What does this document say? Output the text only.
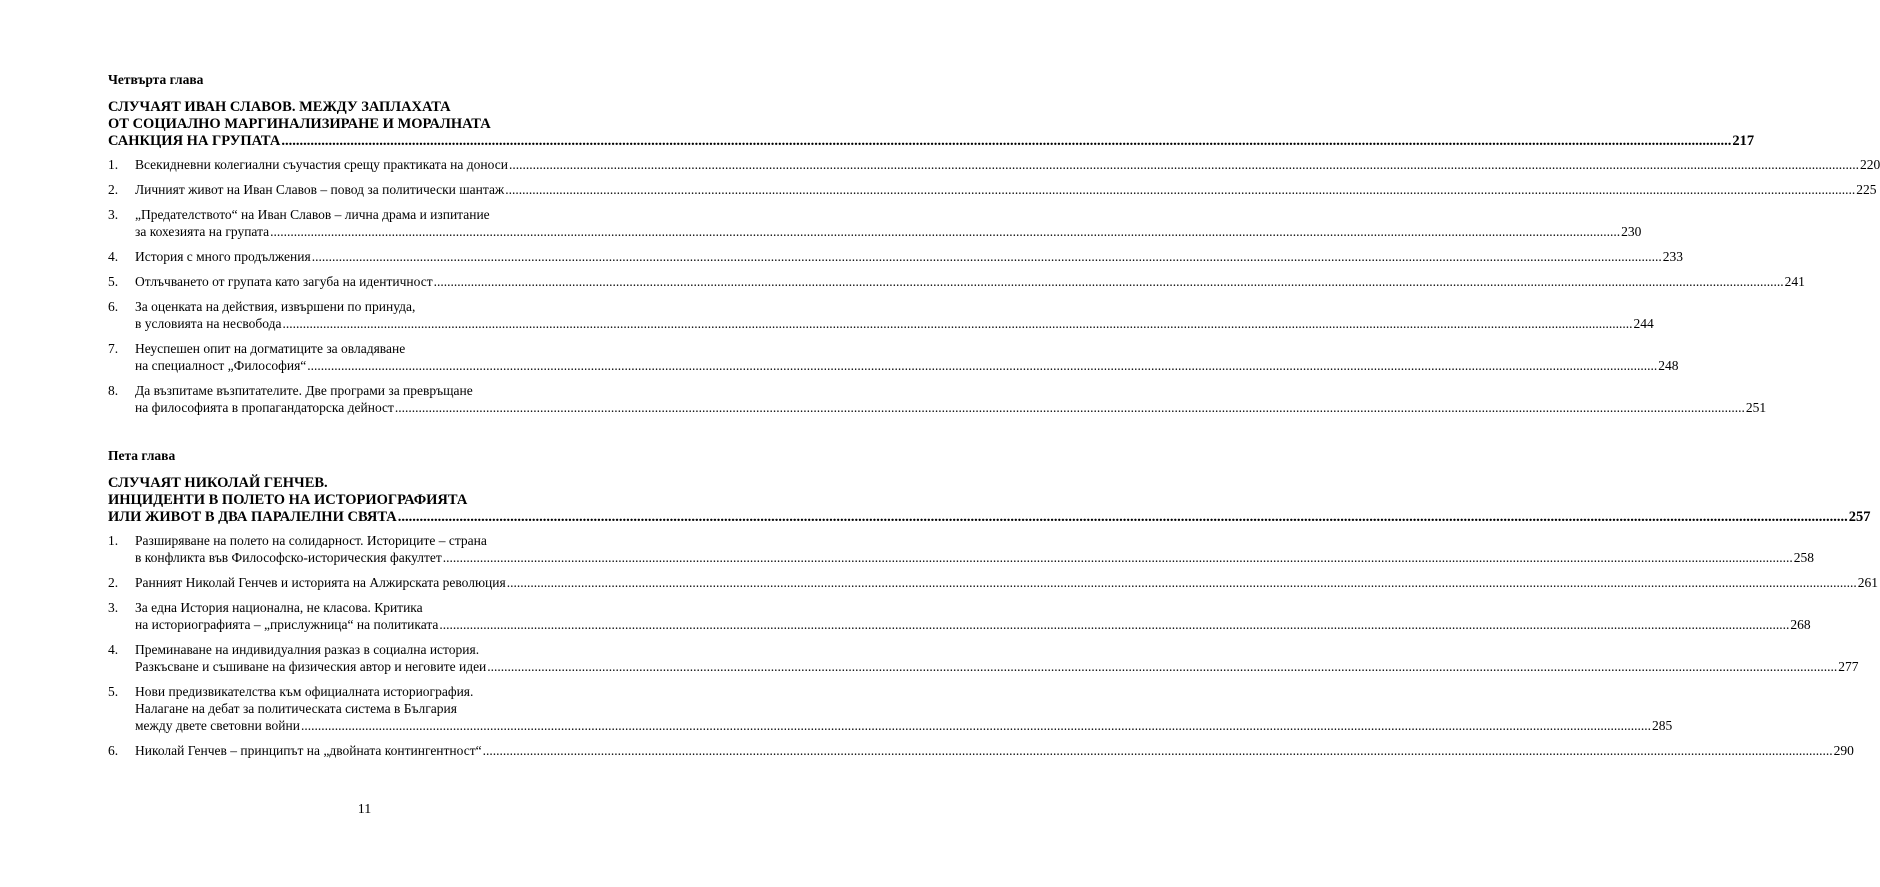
Четвърта глава
СЛУЧАЯТ ИВАН СЛАВОВ. МЕЖДУ ЗАПЛАХАТА
ОТ СОЦИАЛНО МАРГИНАЛИЗИРАНЕ И МОРАЛНАТА
САНКЦИЯ НА ГРУПАТА ................................................................................................................................................................................................................................................................................................................................................................................................................ 217
1.	Всекидневни колегиални съучастия срещу практиката на доноси ................................................................................................................................................................................................................................................................................................................................................................................................................ 220
2.	Личният живот на Иван Славов – повод за политически шантаж ................................................................................................................................................................................................................................................................................................................................................................................................................ 225
3.	„Предателството“ на Иван Славов – лична драма и изпитание
за кохезията на групата ................................................................................................................................................................................................................................................................................................................................................................................................................ 230
4.	История с много продължения ................................................................................................................................................................................................................................................................................................................................................................................................................ 233
5.	Отлъчването от групата като загуба на идентичност ................................................................................................................................................................................................................................................................................................................................................................................................................ 241
6.	За оценката на действия, извършени по принуда,
в условията на несвобода ................................................................................................................................................................................................................................................................................................................................................................................................................ 244
7.	Неуспешен опит на догматиците за овладяване
на специалност „Философия“ ................................................................................................................................................................................................................................................................................................................................................................................................................ 248
8.	Да възпитаме възпитателите. Две програми за превръщане
на философията в пропагандаторска дейност ................................................................................................................................................................................................................................................................................................................................................................................................................ 251
Пета глава
СЛУЧАЯТ НИКОЛАЙ ГЕНЧЕВ.
ИНЦИДЕНТИ В ПОЛЕТО НА ИСТОРИОГРАФИЯТА
ИЛИ ЖИВОТ В ДВА ПАРАЛЕЛНИ СВЯТА ................................................................................................................................................................................................................................................................................................................................................................................................................ 257
1.	Разширяване на полето на солидарност. Историците – страна
в конфликта във Философско-историческия факултет ................................................................................................................................................................................................................................................................................................................................................................................................................ 258
2.	Ранният Николай Генчев и историята на Алжирската революция ................................................................................................................................................................................................................................................................................................................................................................................................................ 261
3.	За една История национална, не класова. Критика
на историографията – „прислужница“ на политиката ................................................................................................................................................................................................................................................................................................................................................................................................................ 268
4.	Преминаване на индивидуалния разказ в социална история.
Разкъсване и съшиване на физическия автор и неговите идеи ................................................................................................................................................................................................................................................................................................................................................................................................................ 277
5.	Нови предизвикателства към официалната историография.
Налагане на дебат за политическата система в България
между двете световни войни ................................................................................................................................................................................................................................................................................................................................................................................................................ 285
6.	Николай Генчев – принципът на „двойната контингентност“ ................................................................................................................................................................................................................................................................................................................................................................................................................ 290
11
